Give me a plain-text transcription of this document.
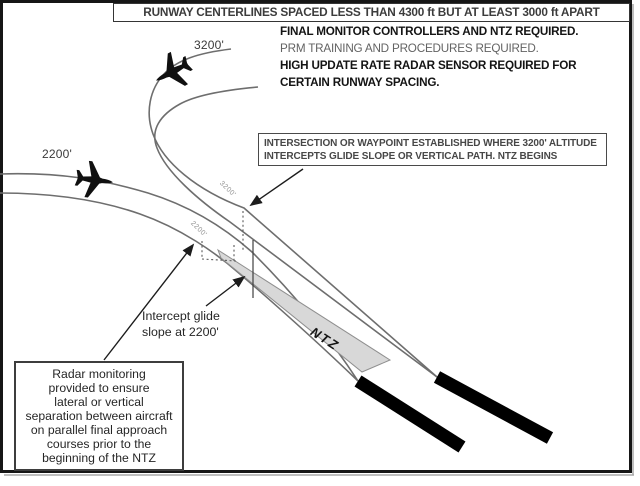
RUNWAY CENTERLINES SPACED LESS THAN 4300 ft BUT AT LEAST 3000 ft APART
FINAL MONITOR CONTROLLERS AND NTZ REQUIRED.
PRM TRAINING AND PROCEDURES REQUIRED.
HIGH UPDATE RATE RADAR SENSOR REQUIRED FOR
CERTAIN RUNWAY SPACING.
3200'
2200'
INTERSECTION OR WAYPOINT ESTABLISHED WHERE 3200' ALTITUDE
INTERCEPTS GLIDE SLOPE OR VERTICAL PATH. NTZ BEGINS
Intercept glide
slope at 2200'
Radar monitoring
provided to ensure
lateral or vertical
separation between aircraft
on parallel final approach
courses prior to the
beginning of the NTZ
NTZ
3200'
2200'
